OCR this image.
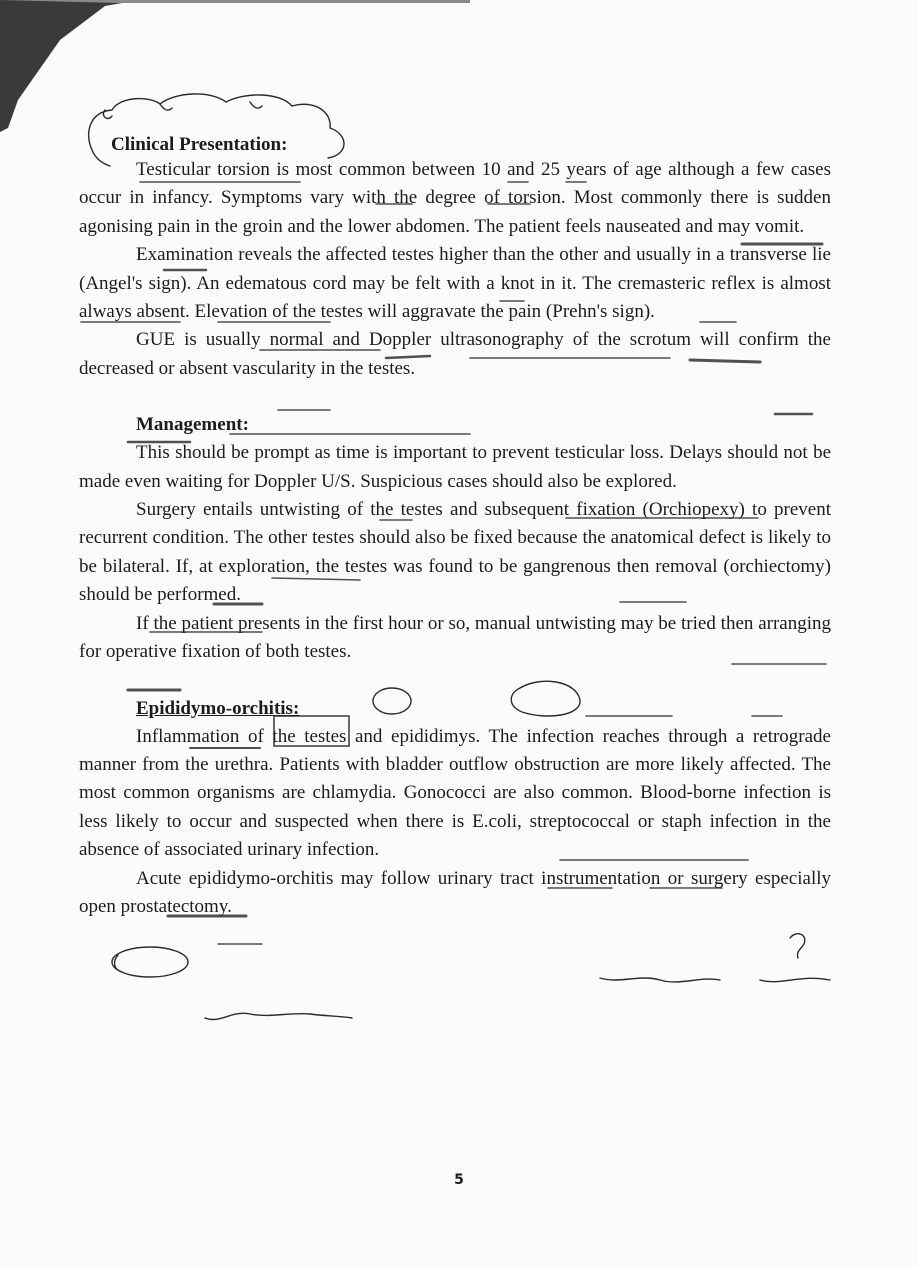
Clinical Presentation:

Testicular torsion is most common between 10 and 25 years of age although a few cases occur in infancy. Symptoms vary with the degree of torsion. Most commonly there is sudden agonising pain in the groin and the lower abdomen. The patient feels nauseated and may vomit.

Examination reveals the affected testes higher than the other and usually in a transverse lie (Angel's sign). An edematous cord may be felt with a knot in it. The cremasteric reflex is almost always absent. Elevation of the testes will aggravate the pain (Prehn's sign).

GUE is usually normal and Doppler ultrasonography of the scrotum will confirm the decreased or absent vascularity in the testes.

Management:

This should be prompt as time is important to prevent testicular loss. Delays should not be made even waiting for Doppler U/S. Suspicious cases should also be explored.

Surgery entails untwisting of the testes and subsequent fixation (Orchiopexy) to prevent recurrent condition. The other testes should also be fixed because the anatomical defect is likely to be bilateral. If, at exploration, the testes was found to be gangrenous then removal (orchiectomy) should be performed.

If the patient presents in the first hour or so, manual untwisting may be tried then arranging for operative fixation of both testes.

Epididymo-orchitis:

Inflammation of the testes and epididimys. The infection reaches through a retrograde manner from the urethra. Patients with bladder outflow obstruction are more likely affected. The most common organisms are chlamydia. Gonococci are also common. Blood-borne infection is less likely to occur and suspected when there is E.coli, streptococcal or staph infection in the absence of associated urinary infection.

Acute epididymo-orchitis may follow urinary tract instrumentation or surgery especially open prostatectomy.

5
